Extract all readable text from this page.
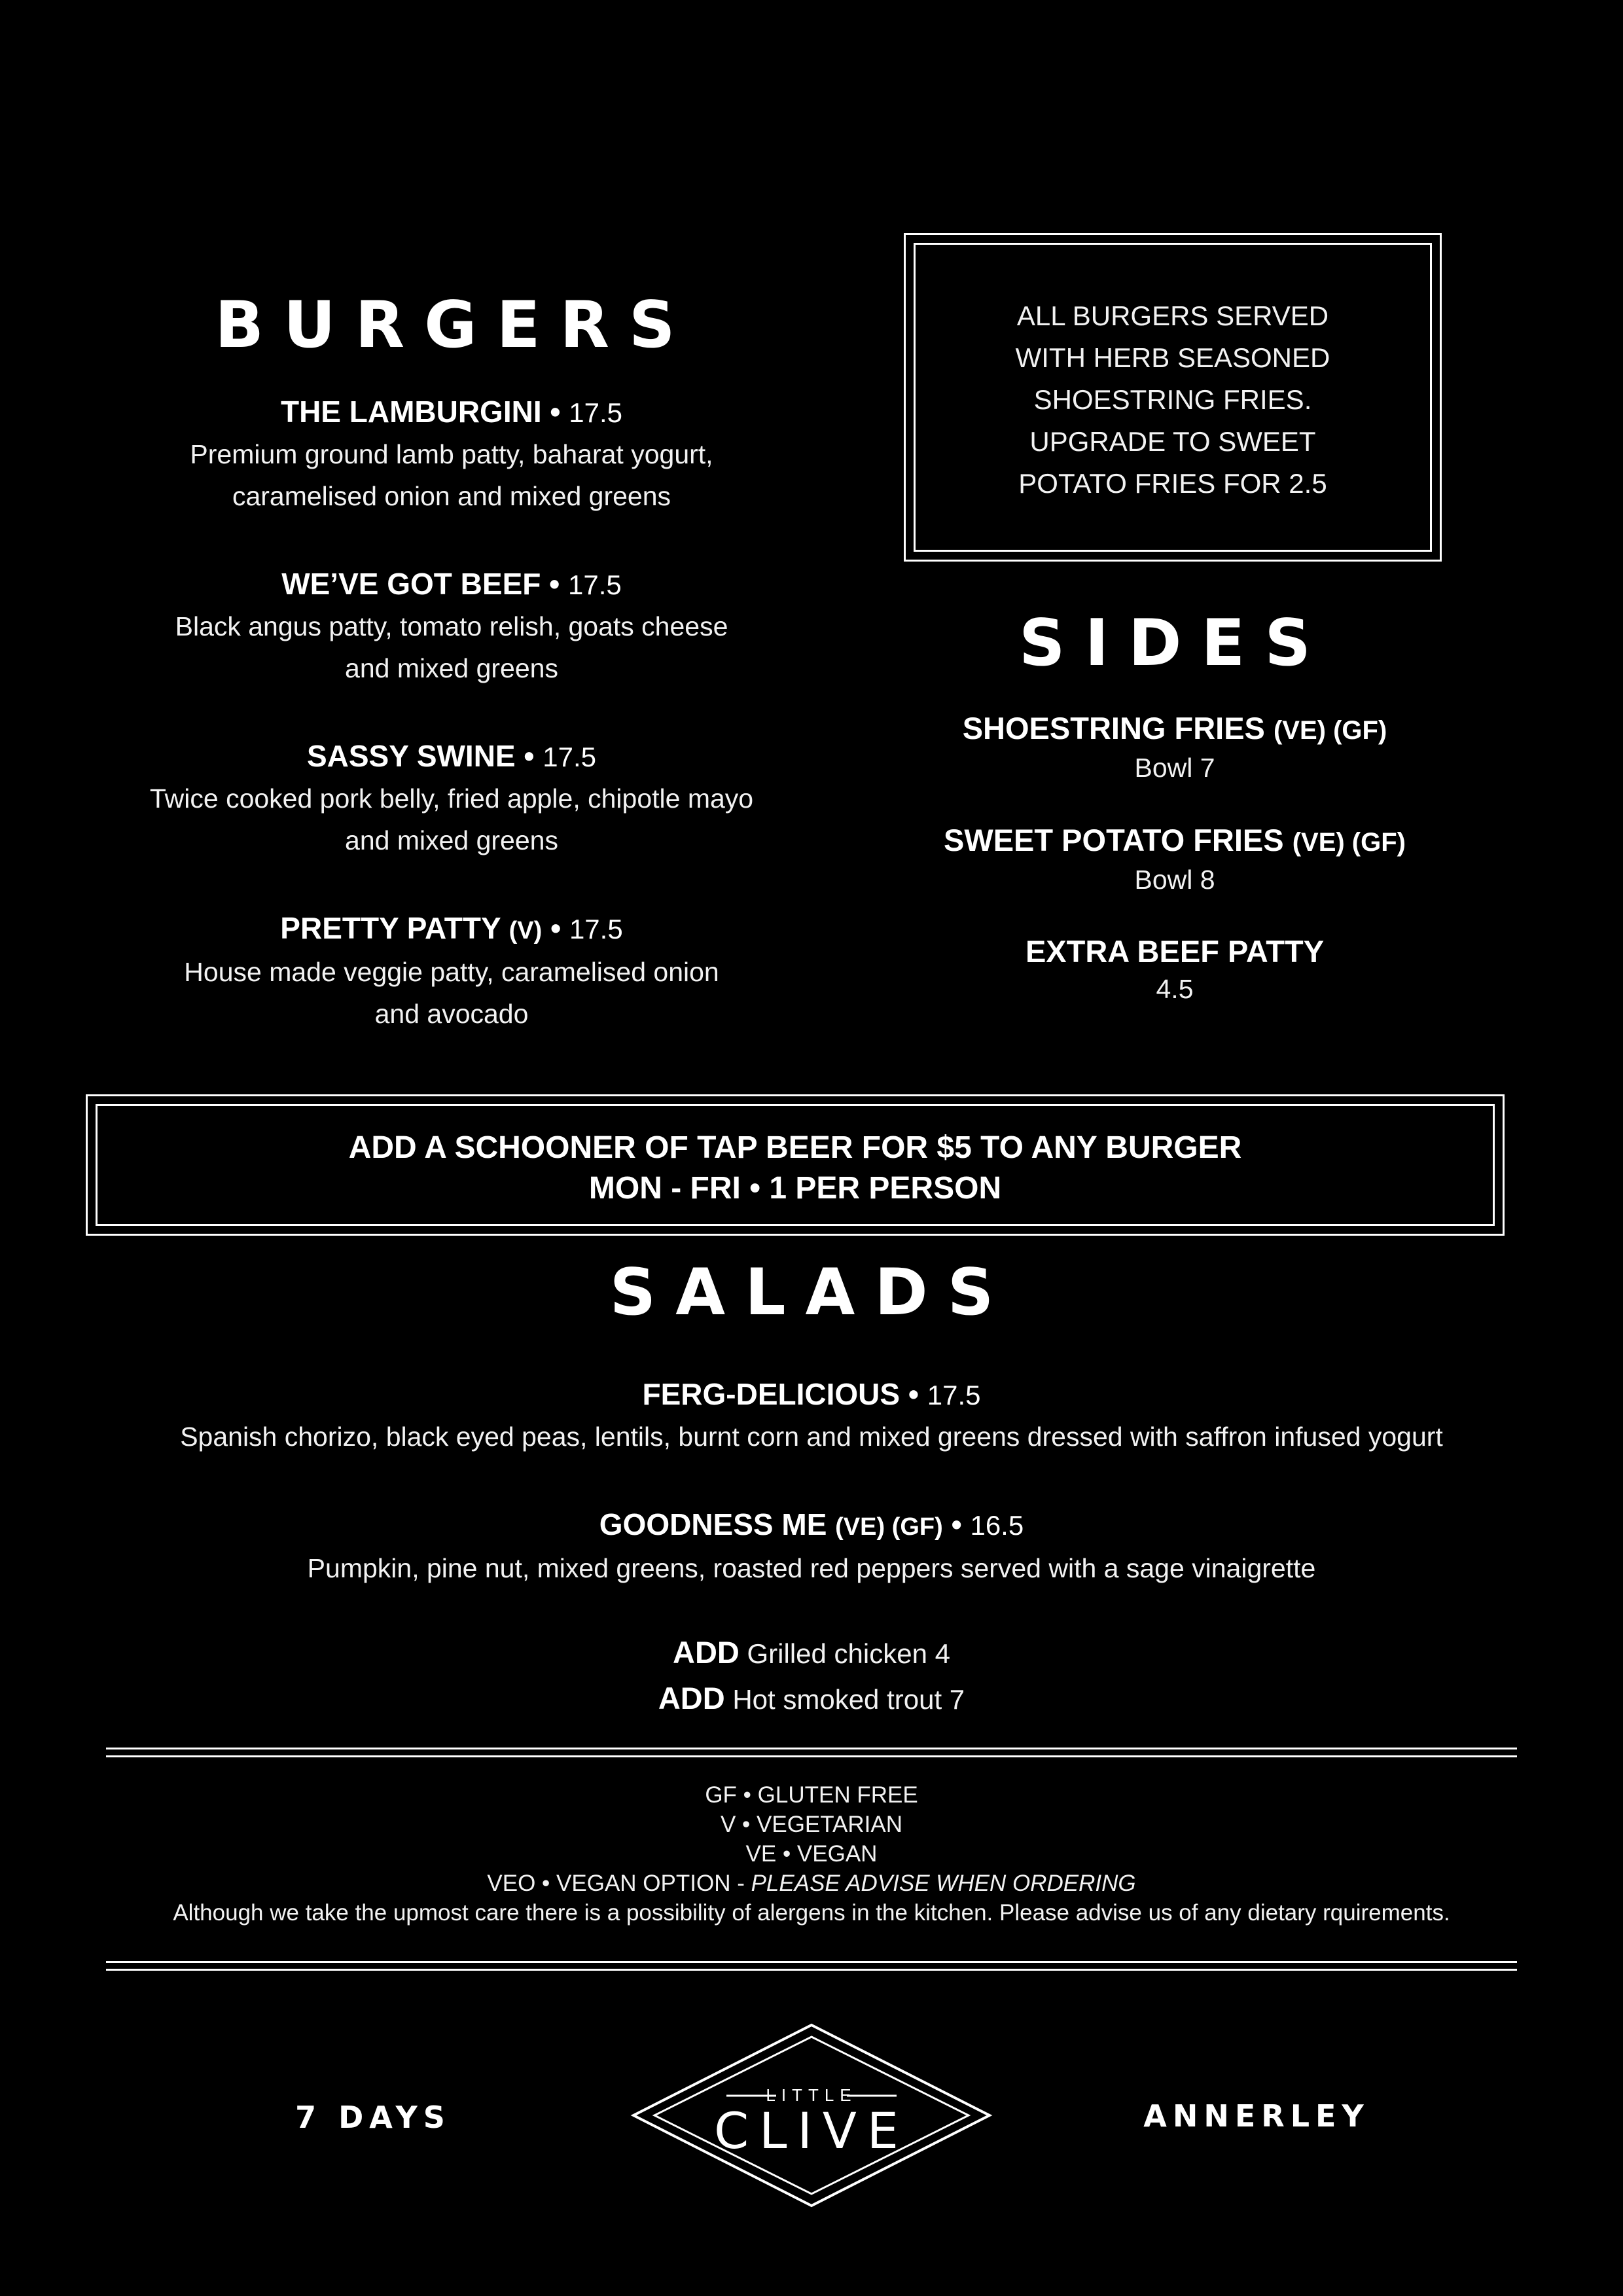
BURGERS
THE LAMBURGINI • 17.5
Premium ground lamb patty, baharat yogurt,
caramelised onion and mixed greens
WE’VE GOT BEEF • 17.5
Black angus patty, tomato relish, goats cheese
and mixed greens
SASSY SWINE • 17.5
Twice cooked pork belly, fried apple, chipotle mayo
and mixed greens
PRETTY PATTY (V) • 17.5
House made veggie patty, caramelised onion
and avocado
ALL BURGERS SERVED
WITH HERB SEASONED
SHOESTRING FRIES.
UPGRADE TO SWEET
POTATO FRIES FOR 2.5
SIDES
SHOESTRING FRIES (VE) (GF)
Bowl 7
SWEET POTATO FRIES (VE) (GF)
Bowl 8
EXTRA BEEF PATTY
4.5
ADD A SCHOONER OF TAP BEER FOR $5 TO ANY BURGER
MON - FRI • 1 PER PERSON
SALADS
FERG-DELICIOUS • 17.5
Spanish chorizo, black eyed peas, lentils, burnt corn and mixed greens dressed with saffron infused yogurt
GOODNESS ME (VE) (GF) • 16.5
Pumpkin, pine nut, mixed greens, roasted red peppers served with a sage vinaigrette
ADD Grilled chicken 4
ADD Hot smoked trout 7
GF • GLUTEN FREE
V • VEGETARIAN
VE • VEGAN
VEO • VEGAN OPTION - PLEASE ADVISE WHEN ORDERING
Although we take the upmost care there is a possibility of alergens in the kitchen. Please advise us of any dietary rquirements.
7 DAYS
LITTLE
CLIVE	ANNERLEY
